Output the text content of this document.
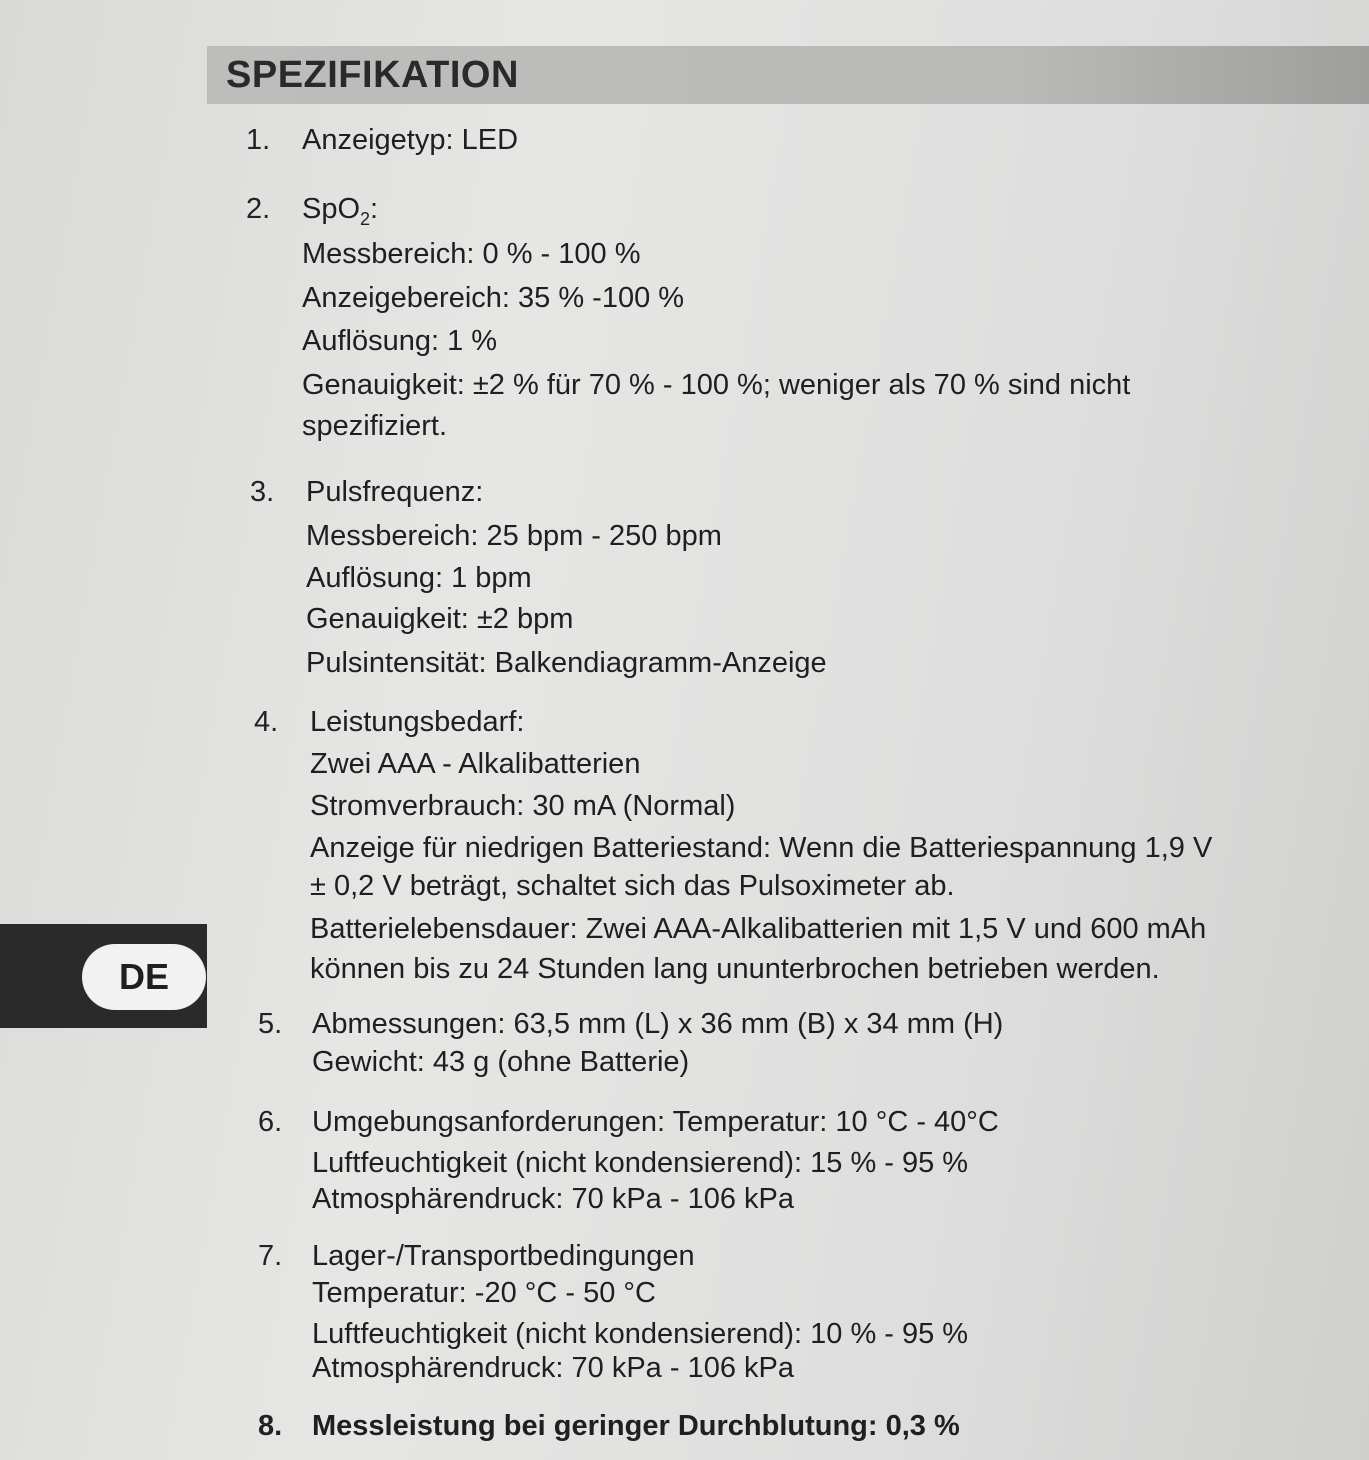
SPEZIFIKATION
DE
1. Anzeigetyp: LED
2. SpO$_2$:
Messbereich: 0 % - 100 %
Anzeigebereich: 35 % -100 %
Auflösung: 1 %
Genauigkeit: ±2 % für 70 % - 100 %; weniger als 70 % sind nicht
spezifiziert.
3. Pulsfrequenz:
Messbereich: 25 bpm - 250 bpm
Auflösung: 1 bpm
Genauigkeit: ±2 bpm
Pulsintensität: Balkendiagramm-Anzeige
4. Leistungsbedarf:
Zwei AAA - Alkalibatterien
Stromverbrauch: 30 mA (Normal)
Anzeige für niedrigen Batteriestand: Wenn die Batteriespannung 1,9 V
± 0,2 V beträgt, schaltet sich das Pulsoximeter ab.
Batterielebensdauer: Zwei AAA-Alkalibatterien mit 1,5 V und 600 mAh
können bis zu 24 Stunden lang ununterbrochen betrieben werden.
5. Abmessungen: 63,5 mm (L) x 36 mm (B) x 34 mm (H)
Gewicht: 43 g (ohne Batterie)
6. Umgebungsanforderungen: Temperatur: 10 °C - 40°C
Luftfeuchtigkeit (nicht kondensierend): 15 % - 95 %
Atmosphärendruck: 70 kPa - 106 kPa
7. Lager-/Transportbedingungen
Temperatur: -20 °C - 50 °C
Luftfeuchtigkeit (nicht kondensierend): 10 % - 95 %
Atmosphärendruck: 70 kPa - 106 kPa
8. Messleistung bei geringer Durchblutung: 0,3 %
